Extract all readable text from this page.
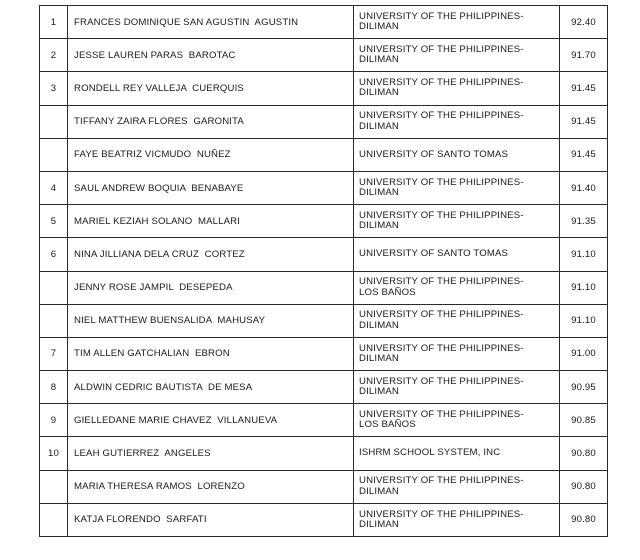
1	FRANCES DOMINIQUE SAN AGUSTIN  AGUSTIN	UNIVERSITY OF THE PHILIPPINES-
DILIMAN	92.40
2	JESSE LAUREN PARAS  BAROTAC	UNIVERSITY OF THE PHILIPPINES-
DILIMAN	91.70
3	RONDELL REY VALLEJA  CUERQUIS	UNIVERSITY OF THE PHILIPPINES-
DILIMAN	91.45
	TIFFANY ZAIRA FLORES  GARONITA	UNIVERSITY OF THE PHILIPPINES-
DILIMAN	91.45
	FAYE BEATRIZ VICMUDO  NUÑEZ	UNIVERSITY OF SANTO TOMAS	91.45
4	SAUL ANDREW BOQUIA  BENABAYE	UNIVERSITY OF THE PHILIPPINES-
DILIMAN	91.40
5	MARIEL KEZIAH SOLANO  MALLARI	UNIVERSITY OF THE PHILIPPINES-
DILIMAN	91.35
6	NINA JILLIANA DELA CRUZ  CORTEZ	UNIVERSITY OF SANTO TOMAS	91.10
	JENNY ROSE JAMPIL  DESEPEDA	UNIVERSITY OF THE PHILIPPINES-
LOS BAÑOS	91.10
	NIEL MATTHEW BUENSALIDA  MAHUSAY	UNIVERSITY OF THE PHILIPPINES-
DILIMAN	91.10
7	TIM ALLEN GATCHALIAN  EBRON	UNIVERSITY OF THE PHILIPPINES-
DILIMAN	91.00
8	ALDWIN CEDRIC BAUTISTA  DE MESA	UNIVERSITY OF THE PHILIPPINES-
DILIMAN	90.95
9	GIELLEDANE MARIE CHAVEZ  VILLANUEVA	UNIVERSITY OF THE PHILIPPINES-
LOS BAÑOS	90.85
10	LEAH GUTIERREZ  ANGELES	ISHRM SCHOOL SYSTEM, INC	90.80
	MARIA THERESA RAMOS  LORENZO	UNIVERSITY OF THE PHILIPPINES-
DILIMAN	90.80
	KATJA FLORENDO  SARFATI	UNIVERSITY OF THE PHILIPPINES-
DILIMAN	90.80
